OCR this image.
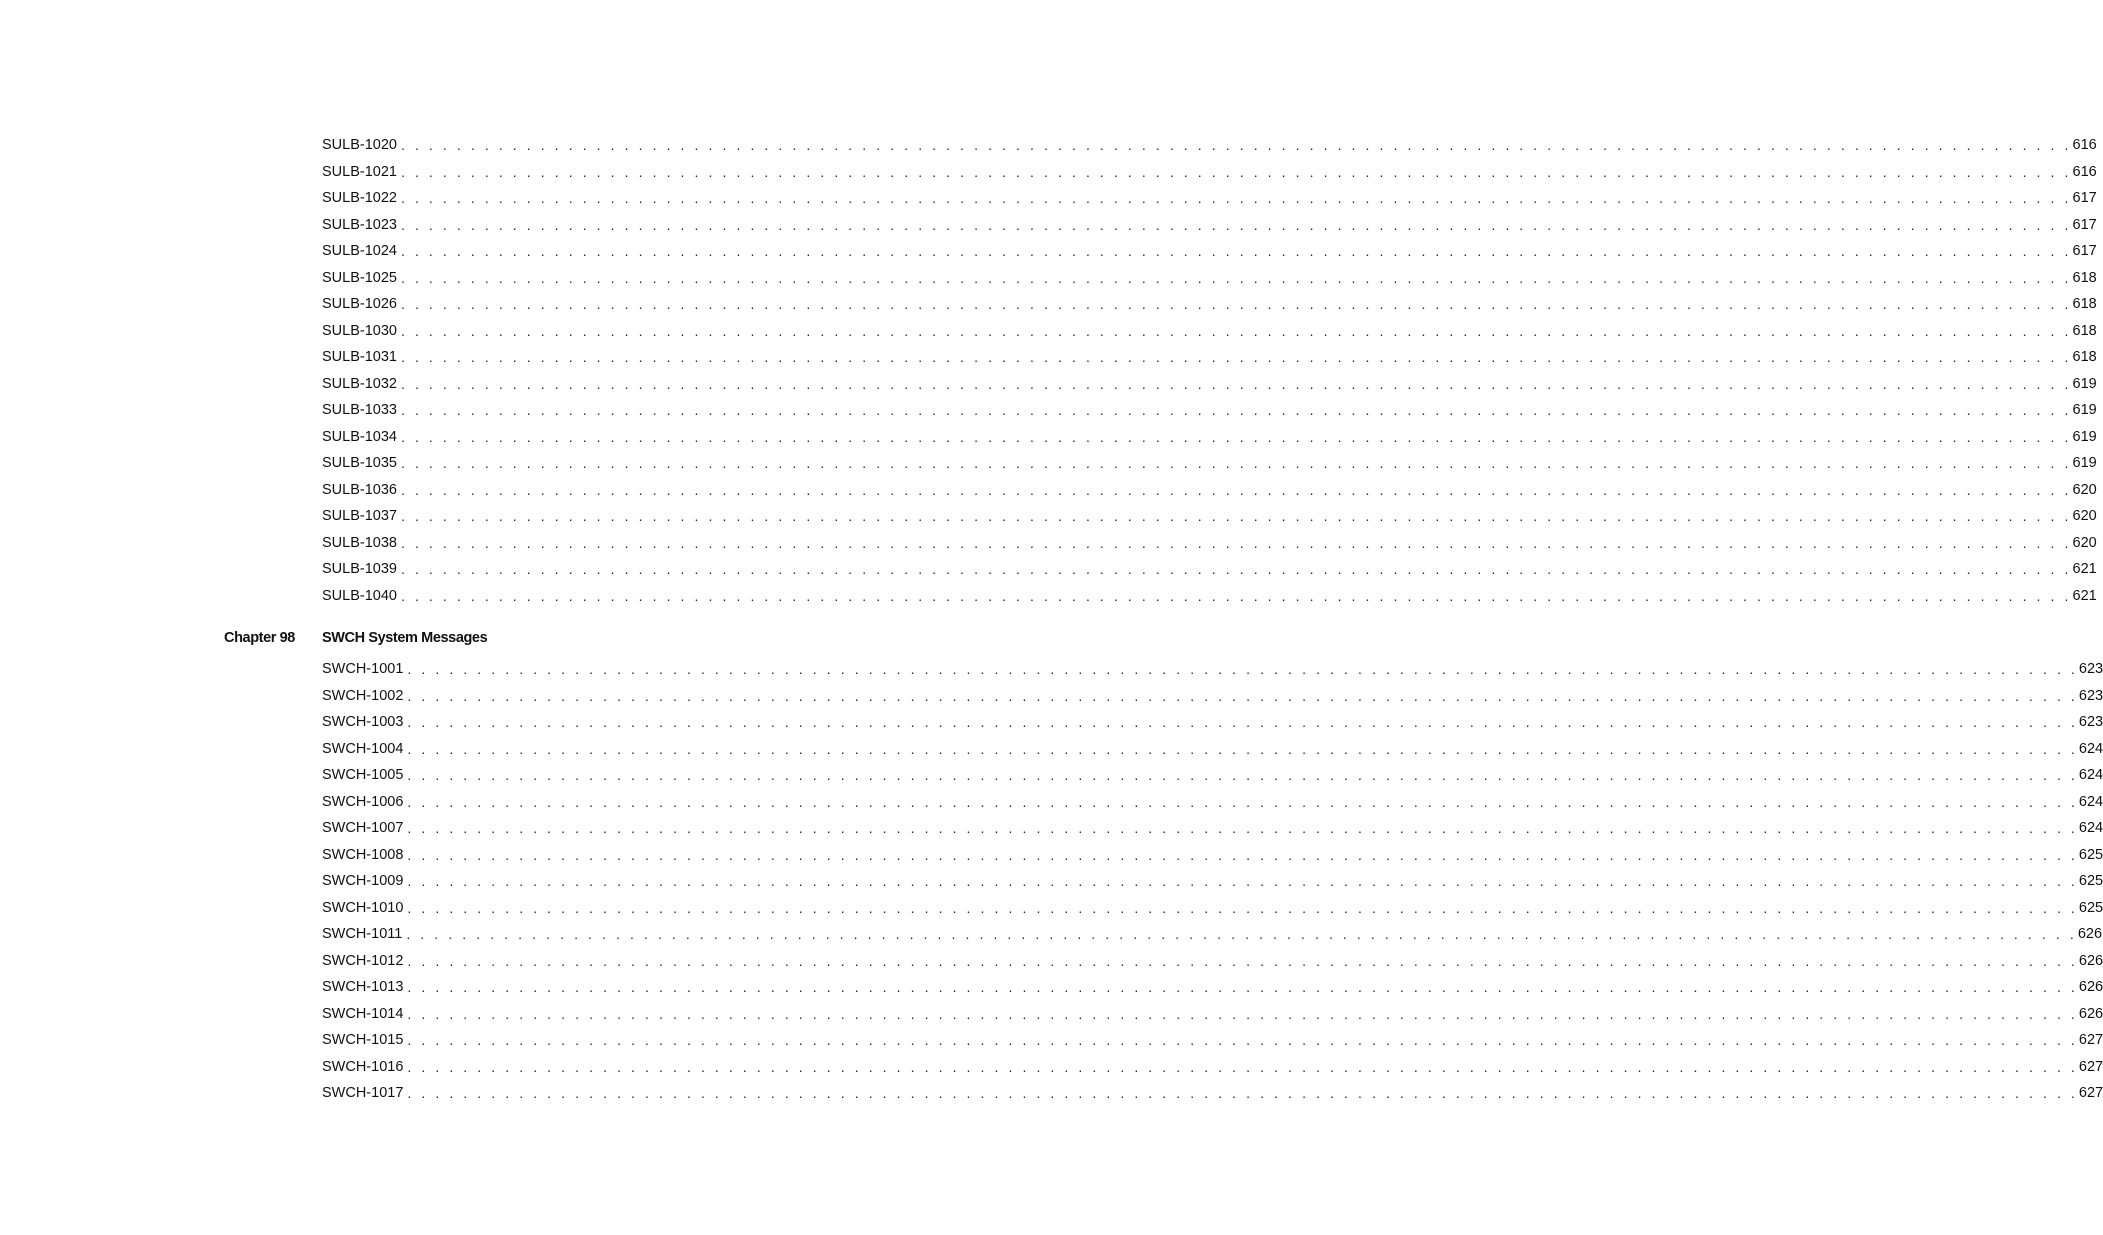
SULB-1020 . . . . . . . . . . . . . . . . . . . . . . . . . . . . . . . . . . . . . . . . . . . . . . . . . . . . . . . . . . . . . . . . . . . . . . . . . . . . . . . . . . . . . . . . . . . . . . . . . . . . . . . . . . . . . . . . . . . . . . . . 616
SULB-1021 . . . . . . . . . . . . . . . . . . . . . . . . . . . . . . . . . . . . . . . . . . . . . . . . . . . . . . . . . . . . . . . . . . . . . . . . . . . . . . . . . . . . . . . . . . . . . . . . . . . . . . . . . . . . . . . . . . . . . . . . 616
SULB-1022 . . . . . . . . . . . . . . . . . . . . . . . . . . . . . . . . . . . . . . . . . . . . . . . . . . . . . . . . . . . . . . . . . . . . . . . . . . . . . . . . . . . . . . . . . . . . . . . . . . . . . . . . . . . . . . . . . . . . . . . . 617
SULB-1023 . . . . . . . . . . . . . . . . . . . . . . . . . . . . . . . . . . . . . . . . . . . . . . . . . . . . . . . . . . . . . . . . . . . . . . . . . . . . . . . . . . . . . . . . . . . . . . . . . . . . . . . . . . . . . . . . . . . . . . . . 617
SULB-1024 . . . . . . . . . . . . . . . . . . . . . . . . . . . . . . . . . . . . . . . . . . . . . . . . . . . . . . . . . . . . . . . . . . . . . . . . . . . . . . . . . . . . . . . . . . . . . . . . . . . . . . . . . . . . . . . . . . . . . . . . 617
SULB-1025 . . . . . . . . . . . . . . . . . . . . . . . . . . . . . . . . . . . . . . . . . . . . . . . . . . . . . . . . . . . . . . . . . . . . . . . . . . . . . . . . . . . . . . . . . . . . . . . . . . . . . . . . . . . . . . . . . . . . . . . . 618
SULB-1026 . . . . . . . . . . . . . . . . . . . . . . . . . . . . . . . . . . . . . . . . . . . . . . . . . . . . . . . . . . . . . . . . . . . . . . . . . . . . . . . . . . . . . . . . . . . . . . . . . . . . . . . . . . . . . . . . . . . . . . . . 618
SULB-1030 . . . . . . . . . . . . . . . . . . . . . . . . . . . . . . . . . . . . . . . . . . . . . . . . . . . . . . . . . . . . . . . . . . . . . . . . . . . . . . . . . . . . . . . . . . . . . . . . . . . . . . . . . . . . . . . . . . . . . . . . 618
SULB-1031 . . . . . . . . . . . . . . . . . . . . . . . . . . . . . . . . . . . . . . . . . . . . . . . . . . . . . . . . . . . . . . . . . . . . . . . . . . . . . . . . . . . . . . . . . . . . . . . . . . . . . . . . . . . . . . . . . . . . . . . . 618
SULB-1032 . . . . . . . . . . . . . . . . . . . . . . . . . . . . . . . . . . . . . . . . . . . . . . . . . . . . . . . . . . . . . . . . . . . . . . . . . . . . . . . . . . . . . . . . . . . . . . . . . . . . . . . . . . . . . . . . . . . . . . . . 619
SULB-1033 . . . . . . . . . . . . . . . . . . . . . . . . . . . . . . . . . . . . . . . . . . . . . . . . . . . . . . . . . . . . . . . . . . . . . . . . . . . . . . . . . . . . . . . . . . . . . . . . . . . . . . . . . . . . . . . . . . . . . . . . 619
SULB-1034 . . . . . . . . . . . . . . . . . . . . . . . . . . . . . . . . . . . . . . . . . . . . . . . . . . . . . . . . . . . . . . . . . . . . . . . . . . . . . . . . . . . . . . . . . . . . . . . . . . . . . . . . . . . . . . . . . . . . . . . . 619
SULB-1035 . . . . . . . . . . . . . . . . . . . . . . . . . . . . . . . . . . . . . . . . . . . . . . . . . . . . . . . . . . . . . . . . . . . . . . . . . . . . . . . . . . . . . . . . . . . . . . . . . . . . . . . . . . . . . . . . . . . . . . . . 619
SULB-1036 . . . . . . . . . . . . . . . . . . . . . . . . . . . . . . . . . . . . . . . . . . . . . . . . . . . . . . . . . . . . . . . . . . . . . . . . . . . . . . . . . . . . . . . . . . . . . . . . . . . . . . . . . . . . . . . . . . . . . . . . 620
SULB-1037 . . . . . . . . . . . . . . . . . . . . . . . . . . . . . . . . . . . . . . . . . . . . . . . . . . . . . . . . . . . . . . . . . . . . . . . . . . . . . . . . . . . . . . . . . . . . . . . . . . . . . . . . . . . . . . . . . . . . . . . . 620
SULB-1038 . . . . . . . . . . . . . . . . . . . . . . . . . . . . . . . . . . . . . . . . . . . . . . . . . . . . . . . . . . . . . . . . . . . . . . . . . . . . . . . . . . . . . . . . . . . . . . . . . . . . . . . . . . . . . . . . . . . . . . . . 620
SULB-1039 . . . . . . . . . . . . . . . . . . . . . . . . . . . . . . . . . . . . . . . . . . . . . . . . . . . . . . . . . . . . . . . . . . . . . . . . . . . . . . . . . . . . . . . . . . . . . . . . . . . . . . . . . . . . . . . . . . . . . . . . 621
SULB-1040 . . . . . . . . . . . . . . . . . . . . . . . . . . . . . . . . . . . . . . . . . . . . . . . . . . . . . . . . . . . . . . . . . . . . . . . . . . . . . . . . . . . . . . . . . . . . . . . . . . . . . . . . . . . . . . . . . . . . . . . . 621
Chapter 98	SWCH System Messages
SWCH-1001 . . . . . . . . . . . . . . . . . . . . . . . . . . . . . . . . . . . . . . . . . . . . . . . . . . . . . . . . . . . . . . . . . . . . . . . . . . . . . . . . . . . . . . . . . . . . . . . . . . . . . . . . . . . . . . . . . . . . . . . . 623
SWCH-1002 . . . . . . . . . . . . . . . . . . . . . . . . . . . . . . . . . . . . . . . . . . . . . . . . . . . . . . . . . . . . . . . . . . . . . . . . . . . . . . . . . . . . . . . . . . . . . . . . . . . . . . . . . . . . . . . . . . . . . . . . 623
SWCH-1003 . . . . . . . . . . . . . . . . . . . . . . . . . . . . . . . . . . . . . . . . . . . . . . . . . . . . . . . . . . . . . . . . . . . . . . . . . . . . . . . . . . . . . . . . . . . . . . . . . . . . . . . . . . . . . . . . . . . . . . . . 623
SWCH-1004 . . . . . . . . . . . . . . . . . . . . . . . . . . . . . . . . . . . . . . . . . . . . . . . . . . . . . . . . . . . . . . . . . . . . . . . . . . . . . . . . . . . . . . . . . . . . . . . . . . . . . . . . . . . . . . . . . . . . . . . . 624
SWCH-1005 . . . . . . . . . . . . . . . . . . . . . . . . . . . . . . . . . . . . . . . . . . . . . . . . . . . . . . . . . . . . . . . . . . . . . . . . . . . . . . . . . . . . . . . . . . . . . . . . . . . . . . . . . . . . . . . . . . . . . . . . 624
SWCH-1006 . . . . . . . . . . . . . . . . . . . . . . . . . . . . . . . . . . . . . . . . . . . . . . . . . . . . . . . . . . . . . . . . . . . . . . . . . . . . . . . . . . . . . . . . . . . . . . . . . . . . . . . . . . . . . . . . . . . . . . . . 624
SWCH-1007 . . . . . . . . . . . . . . . . . . . . . . . . . . . . . . . . . . . . . . . . . . . . . . . . . . . . . . . . . . . . . . . . . . . . . . . . . . . . . . . . . . . . . . . . . . . . . . . . . . . . . . . . . . . . . . . . . . . . . . . . 624
SWCH-1008 . . . . . . . . . . . . . . . . . . . . . . . . . . . . . . . . . . . . . . . . . . . . . . . . . . . . . . . . . . . . . . . . . . . . . . . . . . . . . . . . . . . . . . . . . . . . . . . . . . . . . . . . . . . . . . . . . . . . . . . . 625
SWCH-1009 . . . . . . . . . . . . . . . . . . . . . . . . . . . . . . . . . . . . . . . . . . . . . . . . . . . . . . . . . . . . . . . . . . . . . . . . . . . . . . . . . . . . . . . . . . . . . . . . . . . . . . . . . . . . . . . . . . . . . . . . 625
SWCH-1010 . . . . . . . . . . . . . . . . . . . . . . . . . . . . . . . . . . . . . . . . . . . . . . . . . . . . . . . . . . . . . . . . . . . . . . . . . . . . . . . . . . . . . . . . . . . . . . . . . . . . . . . . . . . . . . . . . . . . . . . . 625
SWCH-1011 . . . . . . . . . . . . . . . . . . . . . . . . . . . . . . . . . . . . . . . . . . . . . . . . . . . . . . . . . . . . . . . . . . . . . . . . . . . . . . . . . . . . . . . . . . . . . . . . . . . . . . . . . . . . . . . . . . . . . . . . 626
SWCH-1012 . . . . . . . . . . . . . . . . . . . . . . . . . . . . . . . . . . . . . . . . . . . . . . . . . . . . . . . . . . . . . . . . . . . . . . . . . . . . . . . . . . . . . . . . . . . . . . . . . . . . . . . . . . . . . . . . . . . . . . . . 626
SWCH-1013 . . . . . . . . . . . . . . . . . . . . . . . . . . . . . . . . . . . . . . . . . . . . . . . . . . . . . . . . . . . . . . . . . . . . . . . . . . . . . . . . . . . . . . . . . . . . . . . . . . . . . . . . . . . . . . . . . . . . . . . . 626
SWCH-1014 . . . . . . . . . . . . . . . . . . . . . . . . . . . . . . . . . . . . . . . . . . . . . . . . . . . . . . . . . . . . . . . . . . . . . . . . . . . . . . . . . . . . . . . . . . . . . . . . . . . . . . . . . . . . . . . . . . . . . . . . 626
SWCH-1015 . . . . . . . . . . . . . . . . . . . . . . . . . . . . . . . . . . . . . . . . . . . . . . . . . . . . . . . . . . . . . . . . . . . . . . . . . . . . . . . . . . . . . . . . . . . . . . . . . . . . . . . . . . . . . . . . . . . . . . . . 627
SWCH-1016 . . . . . . . . . . . . . . . . . . . . . . . . . . . . . . . . . . . . . . . . . . . . . . . . . . . . . . . . . . . . . . . . . . . . . . . . . . . . . . . . . . . . . . . . . . . . . . . . . . . . . . . . . . . . . . . . . . . . . . . . 627
SWCH-1017 . . . . . . . . . . . . . . . . . . . . . . . . . . . . . . . . . . . . . . . . . . . . . . . . . . . . . . . . . . . . . . . . . . . . . . . . . . . . . . . . . . . . . . . . . . . . . . . . . . . . . . . . . . . . . . . . . . . . . . . . 627
